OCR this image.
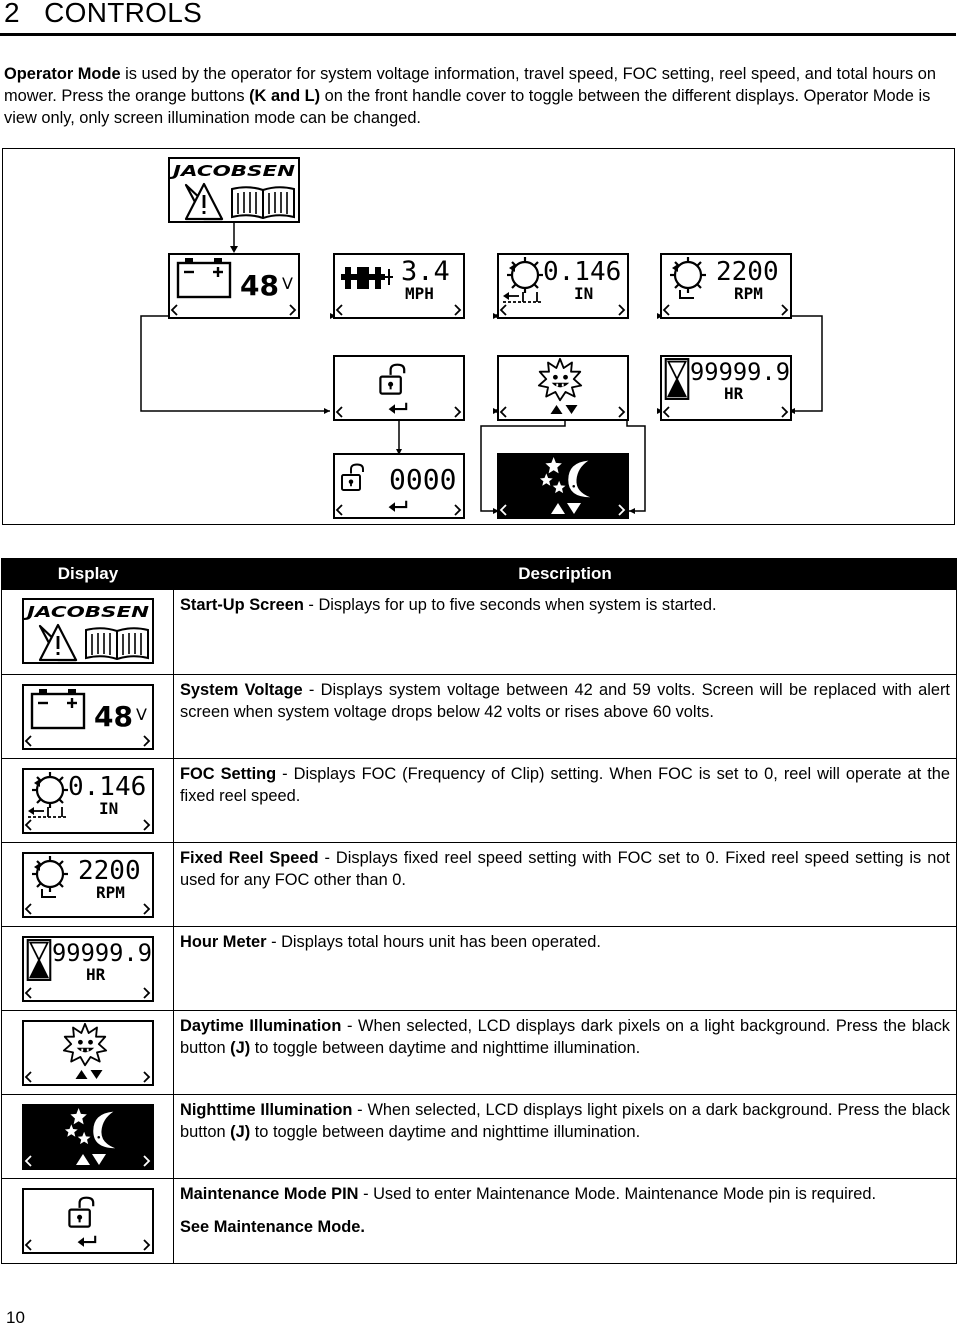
2 CONTROLS
Operator Mode is used by the operator for system voltage information, travel speed, FOC setting, reel speed, and total hours on mower. Press the orange buttons (K and L) on the front handle cover to toggle between the different displays. Operator Mode is view only, only screen illumination mode can be changed.
48 V	3.4
MPH
0.146
IN
2200
RPM
99999.9
HR
0000
Display	Description
Start-Up Screen - Displays for up to five seconds when system is started.
48 V
System Voltage - Displays system voltage between 42 and 59 volts. Screen will be replaced with alert screen when system voltage drops below 42 volts or rises above 60 volts.
0.146
IN
FOC Setting - Displays FOC (Frequency of Clip) setting. When FOC is set to 0, reel will operate at the fixed reel speed.
2200
RPM
Fixed Reel Speed - Displays fixed reel speed setting with FOC set to 0. Fixed reel speed setting is not used for any FOC other than 0.
99999.9
HR
Hour Meter - Displays total hours unit has been operated.
Daytime Illumination - When selected, LCD displays dark pixels on a light background. Press the black button (J) to toggle between daytime and nighttime illumination.
Nighttime Illumination - When selected, LCD displays light pixels on a dark background. Press the black button (J) to toggle between daytime and nighttime illumination.
Maintenance Mode PIN - Used to enter Maintenance Mode. Maintenance Mode pin is required.
See Maintenance Mode.
10
